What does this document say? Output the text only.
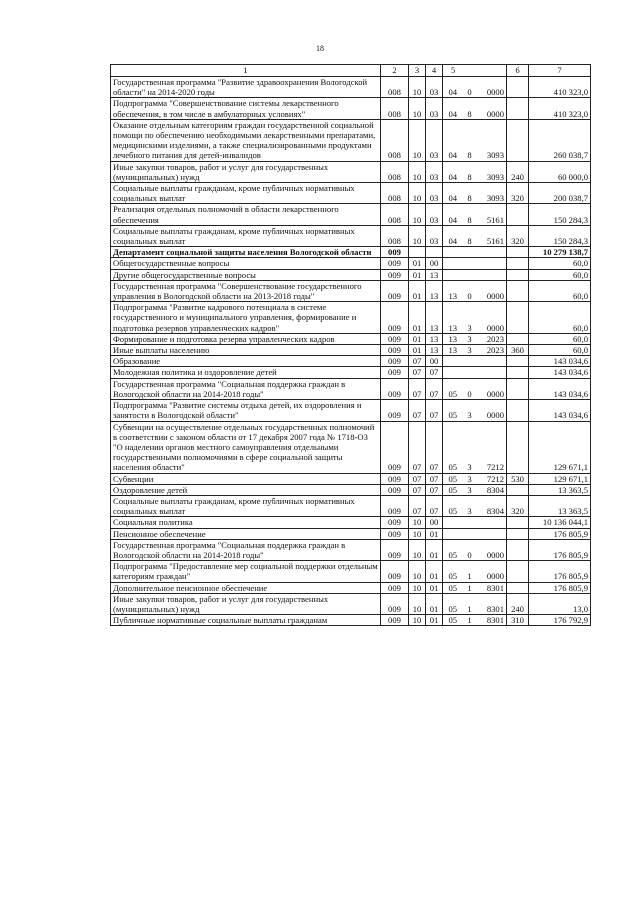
18
1	2	3	4	5			6	7
Государственная программа "Развитие здравоохранения Вологодской области" на 2014-2020 годы	008	10	03	04	0	0000		410 323,0
Подпрограмма "Совершенствование системы лекарственного обеспечения, в том числе в амбулаторных условиях"	008	10	03	04	8	0000		410 323,0
Оказание отдельным категориям граждан государственной социальной помощи по обеспечению необходимыми лекарственными препаратами, медицинскими изделиями, а также специализированными продуктами лечебного питания для детей-инвалидов	008	10	03	04	8	3093		260 038,7
Иные закупки товаров, работ и услуг для государственных (муниципальных) нужд	008	10	03	04	8	3093	240	60 000,0
Социальные выплаты гражданам, кроме публичных нормативных социальных выплат	008	10	03	04	8	3093	320	200 038,7
Реализация отдельных полномочий в области лекарственного обеспечения	008	10	03	04	8	5161		150 284,3
Социальные выплаты гражданам, кроме публичных нормативных социальных выплат	008	10	03	04	8	5161	320	150 284,3
Департамент социальной защиты населения Вологодской области	009							10 279 138,7
Общегосударственные вопросы	009	01	00					60,0
Другие общегосударственные вопросы	009	01	13					60,0
Государственная программа "Совершенствование государственного управления в Вологодской области на 2013-2018 годы"	009	01	13	13	0	0000		60,0
Подпрограмма "Развитие кадрового потенциала в системе государственного и муниципального управления, формирование и подготовка резервов управленческих кадров"	009	01	13	13	3	0000		60,0
Формирование и подготовка резерва управленческих кадров	009	01	13	13	3	2023		60,0
Иные выплаты населению	009	01	13	13	3	2023	360	60,0
Образование	009	07	00					143 034,6
Молодежная политика и оздоровление детей	009	07	07					143 034,6
Государственная программа "Социальная поддержка граждан в Вологодской области на 2014-2018 годы"	009	07	07	05	0	0000		143 034,6
Подпрограмма "Развитие системы отдыха детей, их оздоровления и занятости в Вологодской области"	009	07	07	05	3	0000		143 034,6
Субвенции на осуществление отдельных государственных полномочий в соответствии с законом области от 17 декабря 2007 года № 1718-ОЗ "О наделении органов местного самоуправления отдельными государственными полномочиями в сфере социальной защиты населения области"	009	07	07	05	3	7212		129 671,1
Субвенции	009	07	07	05	3	7212	530	129 671,1
Оздоровление детей	009	07	07	05	3	8304		13 363,5
Социальные выплаты гражданам, кроме публичных нормативных социальных выплат	009	07	07	05	3	8304	320	13 363,5
Социальная политика	009	10	00					10 136 044,1
Пенсионное обеспечение	009	10	01					176 805,9
Государственная программа "Социальная поддержка граждан в Вологодской области на 2014-2018 годы"	009	10	01	05	0	0000		176 805,9
Подпрограмма "Предоставление мер социальной поддержки отдельным категориям граждан"	009	10	01	05	1	0000		176 805,9
Дополнительное пенсионное обеспечение	009	10	01	05	1	8301		176 805,9
Иные закупки товаров, работ и услуг для государственных (муниципальных) нужд	009	10	01	05	1	8301	240	13,0
Публичные нормативные социальные выплаты гражданам	009	10	01	05	1	8301	310	176 792,9
